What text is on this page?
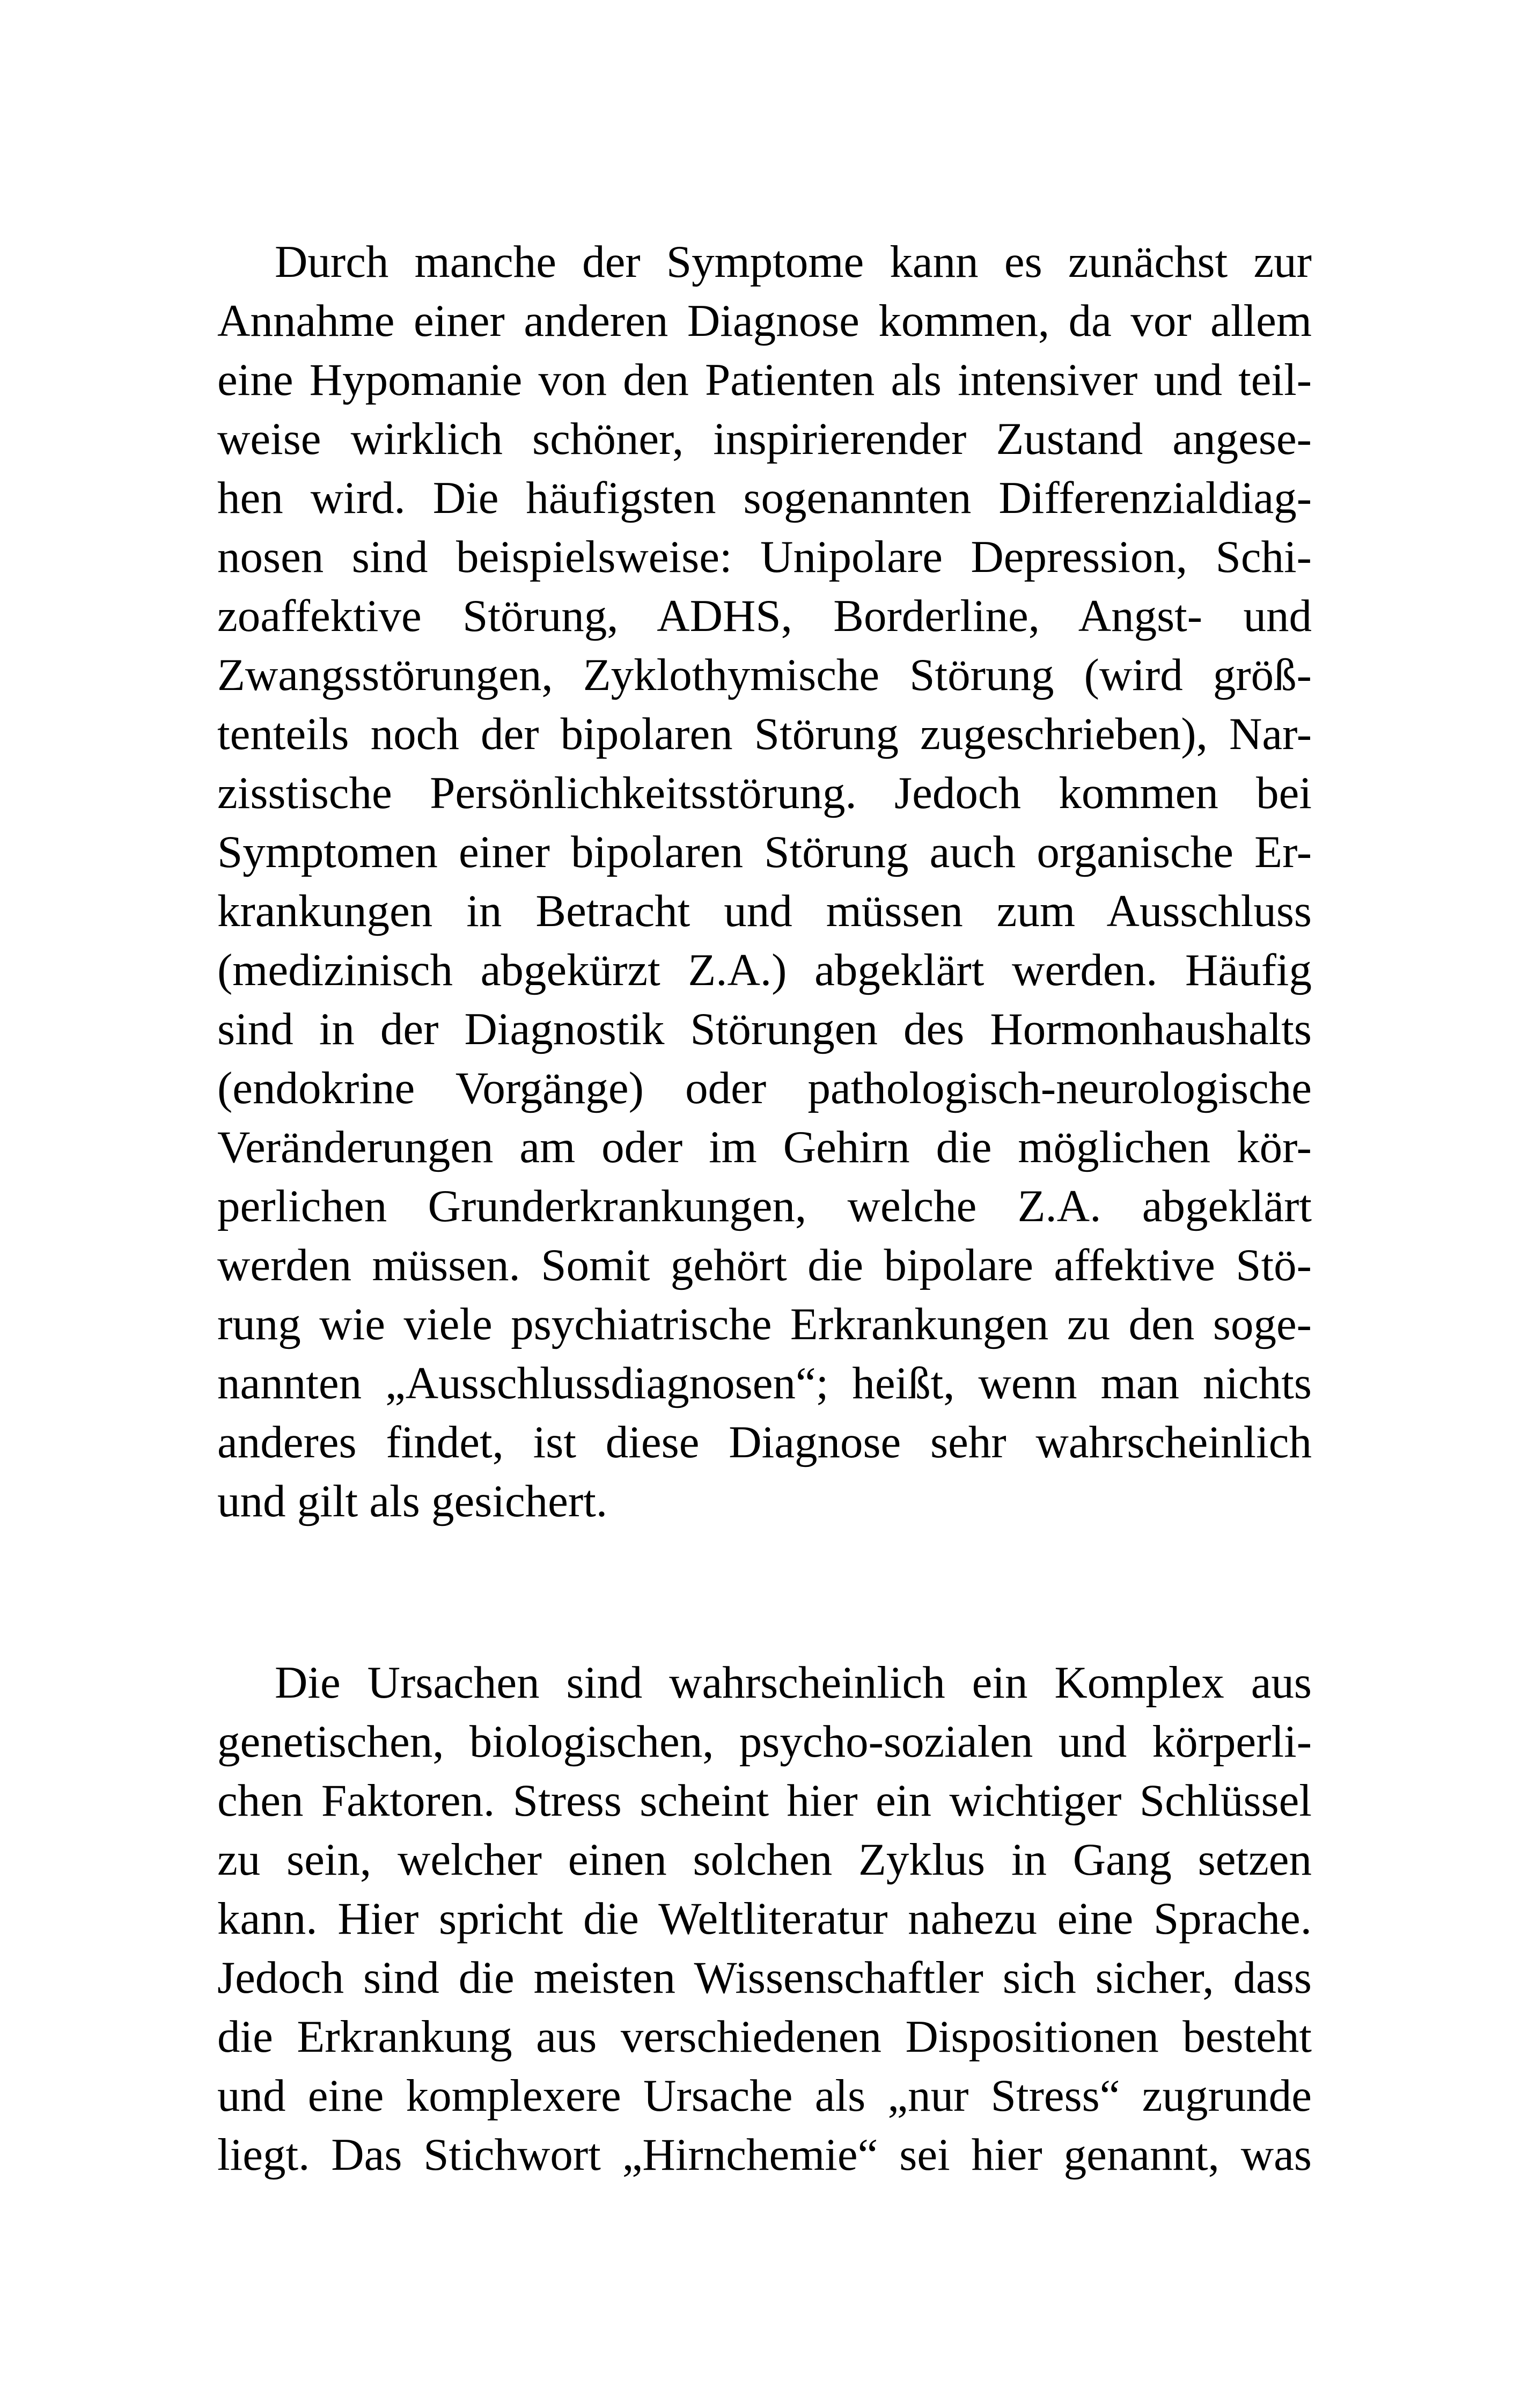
Durch manche der Symptome kann es zunächst zur
Annahme einer anderen Diagnose kommen, da vor allem
eine Hypomanie von den Patienten als intensiver und teil-
weise wirklich schöner, inspirierender Zustand angese-
hen wird. Die häufigsten sogenannten Differenzialdiag-
nosen sind beispielsweise: Unipolare Depression, Schi-
zoaffektive Störung, ADHS, Borderline, Angst- und
Zwangsstörungen, Zyklothymische Störung (wird größ-
tenteils noch der bipolaren Störung zugeschrieben), Nar-
zisstische Persönlichkeitsstörung. Jedoch kommen bei
Symptomen einer bipolaren Störung auch organische Er-
krankungen in Betracht und müssen zum Ausschluss
(medizinisch abgekürzt Z.A.) abgeklärt werden. Häufig
sind in der Diagnostik Störungen des Hormonhaushalts
(endokrine Vorgänge) oder pathologisch-neurologische
Veränderungen am oder im Gehirn die möglichen kör-
perlichen Grunderkrankungen, welche Z.A. abgeklärt
werden müssen. Somit gehört die bipolare affektive Stö-
rung wie viele psychiatrische Erkrankungen zu den soge-
nannten „Ausschlussdiagnosen“; heißt, wenn man nichts
anderes findet, ist diese Diagnose sehr wahrscheinlich
und gilt als gesichert.
Die Ursachen sind wahrscheinlich ein Komplex aus
genetischen, biologischen, psycho-sozialen und körperli-
chen Faktoren. Stress scheint hier ein wichtiger Schlüssel
zu sein, welcher einen solchen Zyklus in Gang setzen
kann. Hier spricht die Weltliteratur nahezu eine Sprache.
Jedoch sind die meisten Wissenschaftler sich sicher, dass
die Erkrankung aus verschiedenen Dispositionen besteht
und eine komplexere Ursache als „nur Stress“ zugrunde
liegt. Das Stichwort „Hirnchemie“ sei hier genannt, was
